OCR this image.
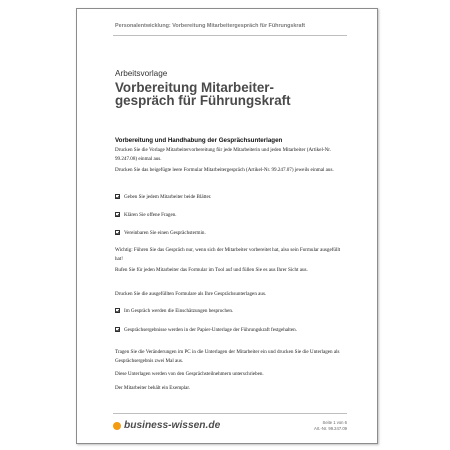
Personalentwicklung: Vorbereitung Mitarbeitergespräch für Führungskraft
Arbeitsvorlage
Vorbereitung Mitarbeiter-
gespräch für Führungskraft
Vorbereitung und Handhabung der Gesprächsunterlagen
Drucken Sie die Vorlage Mitarbeitervorbereitung für jede Mitarbeiterin und jeden Mitarbeiter (Artikel-Nr. 99.247.08) einmal aus.
Drucken Sie das beigefügte leere Formular Mitarbeitergespräch (Artikel-Nr. 99.247.07) jeweils einmal aus.
Geben Sie jedem Mitarbeiter beide Blätter.
Klären Sie offene Fragen.
Vereinbaren Sie einen Gesprächstermin.
Wichtig: Führen Sie das Gespräch nur, wenn sich der Mitarbeiter vorbereitet hat, also sein Formular ausgefüllt hat!
Rufen Sie für jeden Mitarbeiter das Formular im Tool auf und füllen Sie es aus Ihrer Sicht aus.
Drucken Sie die ausgefüllten Formulare als Ihre Gesprächsunterlagen aus.
Im Gespräch werden die Einschätzungen besprochen.
Gesprächsergebnisse werden in der Papier-Unterlage der Führungskraft festgehalten.
Tragen Sie die Veränderungen im PC in die Unterlagen der Mitarbeiter ein und drucken Sie die Unterlagen als Gesprächsergebnis zwei Mal aus.
Diese Unterlagen werden von den Gesprächsteilnehmern unterschrieben.
Der Mitarbeiter behält ein Exemplar.
business-wissen.de	Seite 1 von 6
Art.-Nr. 99.247.09
